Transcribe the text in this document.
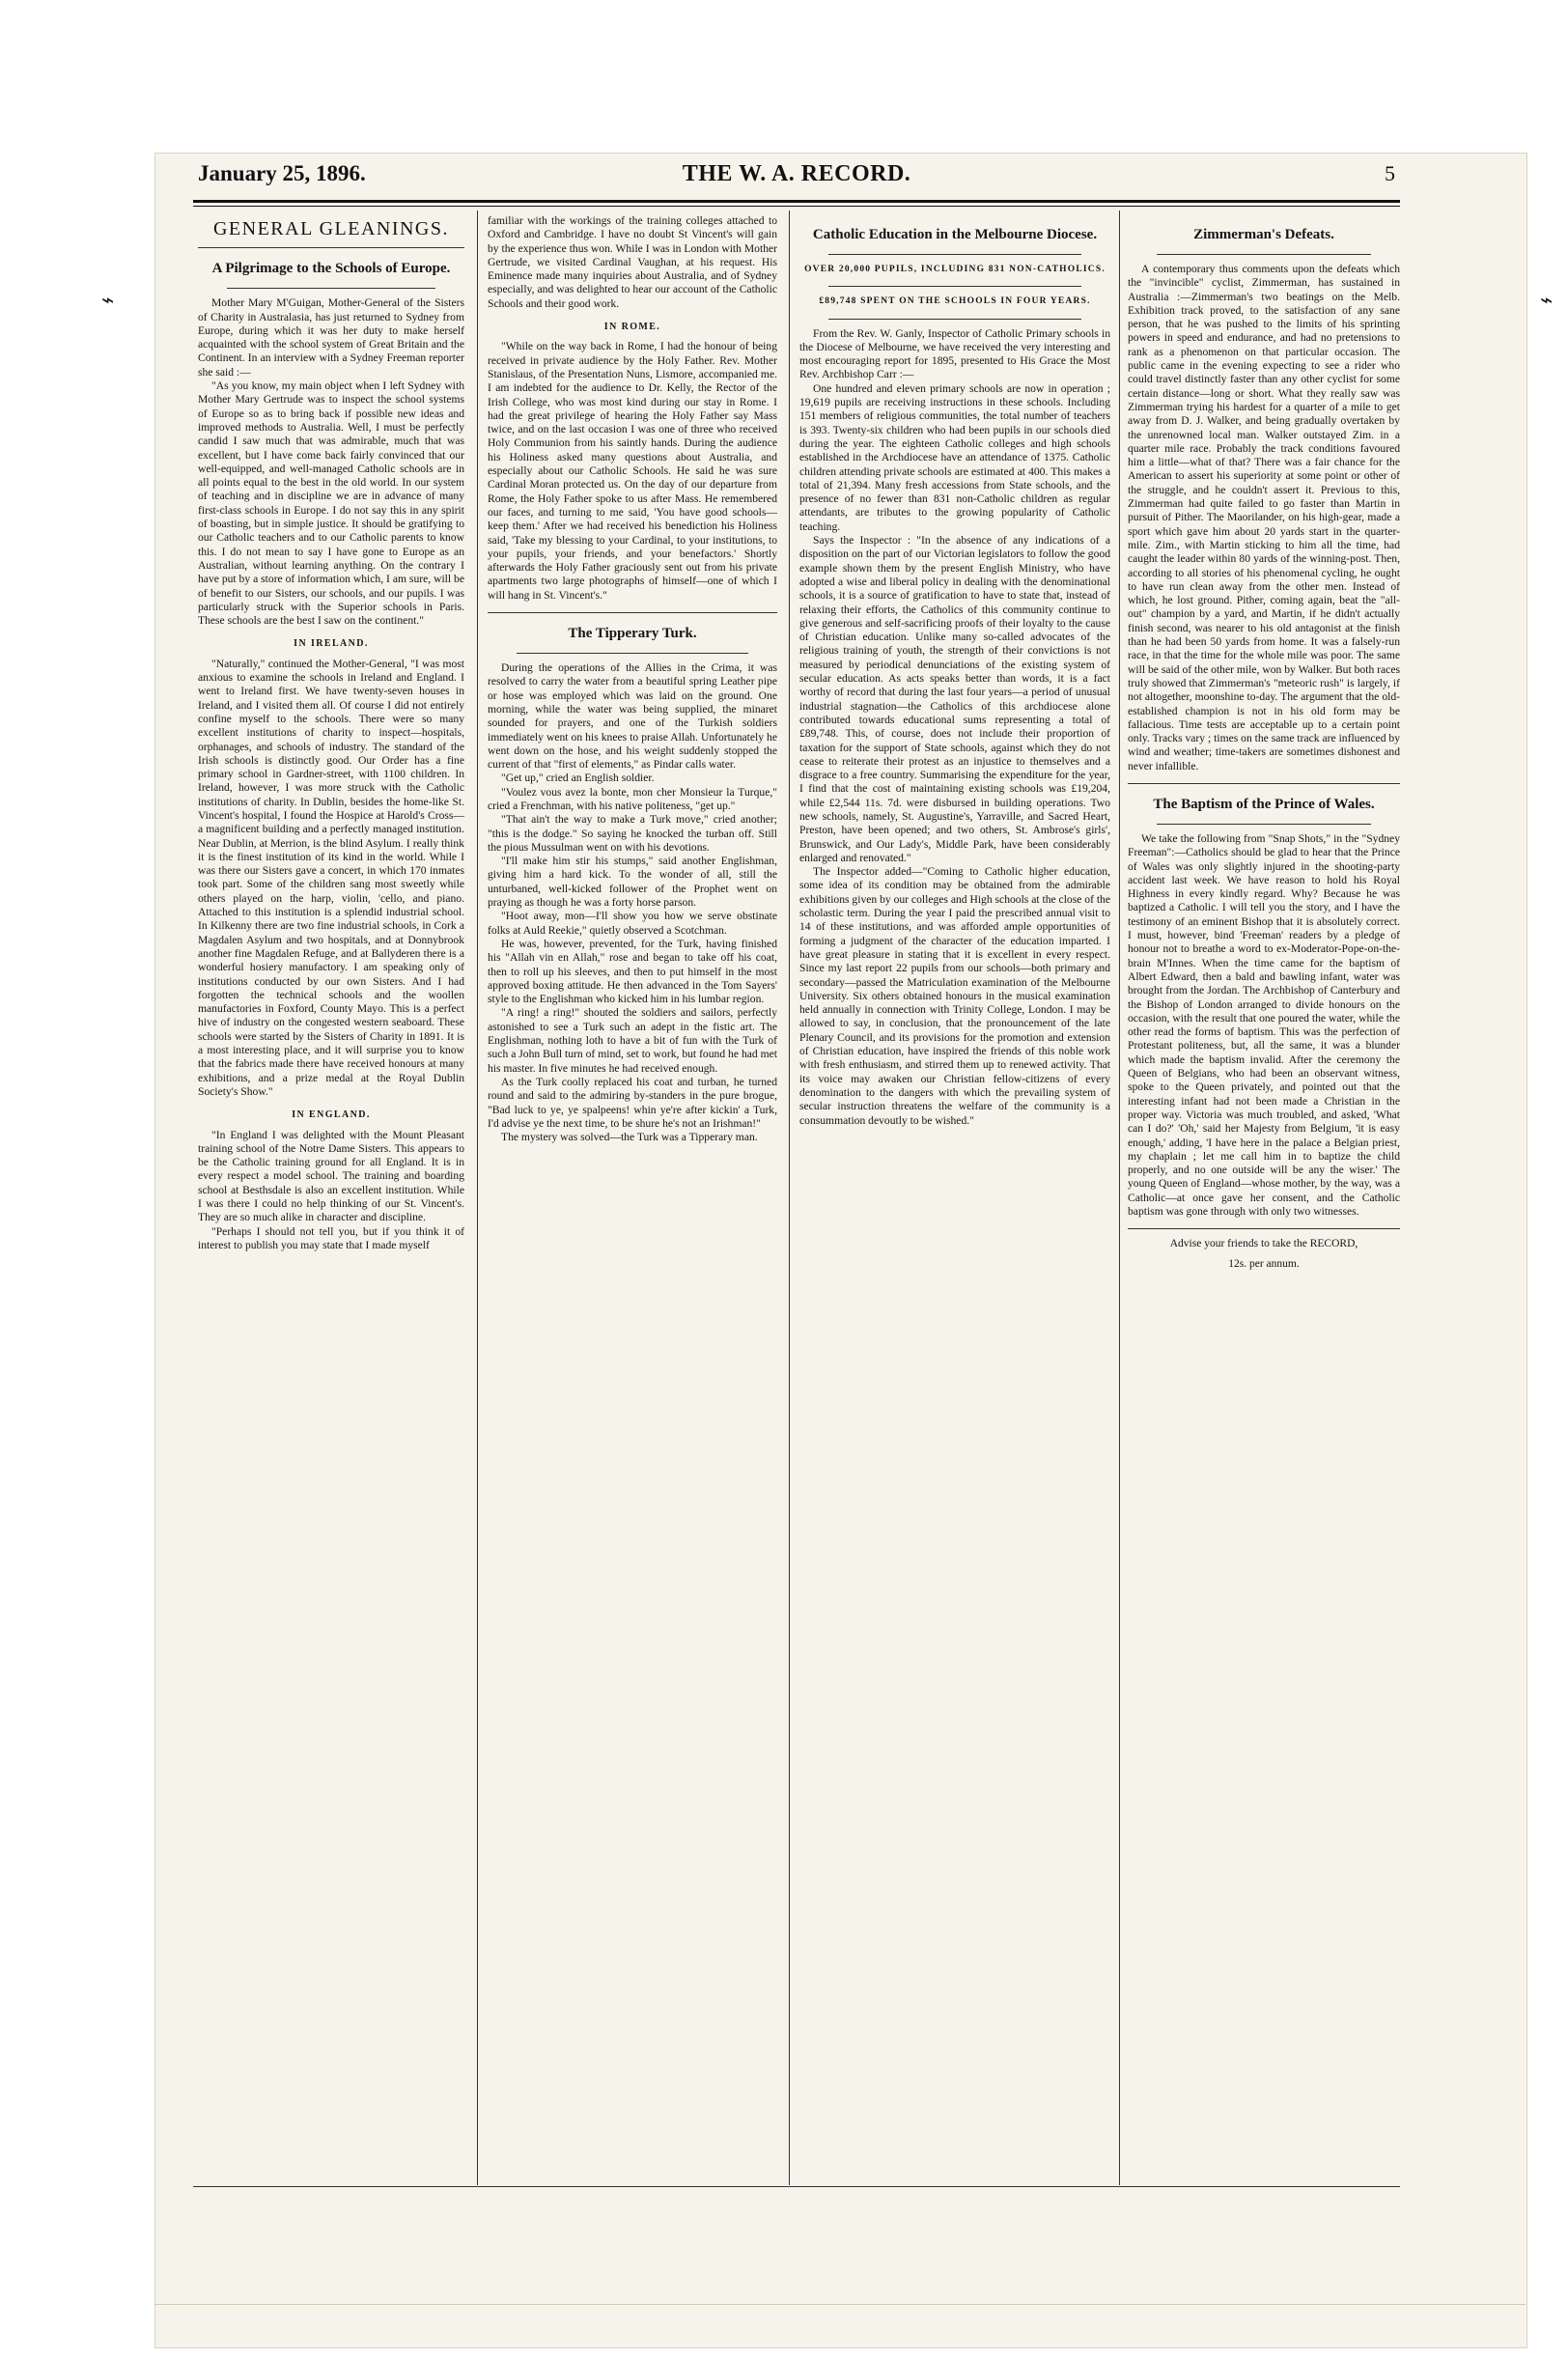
⌁	⌁
January 25, 1896.	THE W. A. RECORD.	5
GENERAL GLEANINGS.
A Pilgrimage to the Schools of Europe.

Mother Mary M'Guigan, Mother-General of the Sisters of Charity in Australasia, has just returned to Sydney from Europe, during which it was her duty to make herself acquainted with the school system of Great Britain and the Continent. In an interview with a Sydney Freeman reporter she said :—

"As you know, my main object when I left Sydney with Mother Mary Gertrude was to inspect the school systems of Europe so as to bring back if possible new ideas and improved methods to Australia. Well, I must be perfectly candid I saw much that was admirable, much that was excellent, but I have come back fairly convinced that our well-equipped, and well-managed Catholic schools are in all points equal to the best in the old world. In our system of teaching and in discipline we are in advance of many first-class schools in Europe. I do not say this in any spirit of boasting, but in simple justice. It should be gratifying to our Catholic teachers and to our Catholic parents to know this. I do not mean to say I have gone to Europe as an Australian, without learning anything. On the contrary I have put by a store of information which, I am sure, will be of benefit to our Sisters, our schools, and our pupils. I was particularly struck with the Superior schools in Paris. These schools are the best I saw on the continent."

IN IRELAND.

"Naturally," continued the Mother-General, "I was most anxious to examine the schools in Ireland and England. I went to Ireland first. We have twenty-seven houses in Ireland, and I visited them all. Of course I did not entirely confine myself to the schools. There were so many excellent institutions of charity to inspect—hospitals, orphanages, and schools of industry. The standard of the Irish schools is distinctly good. Our Order has a fine primary school in Gardner-street, with 1100 children. In Ireland, however, I was more struck with the Catholic institutions of charity. In Dublin, besides the home-like St. Vincent's hospital, I found the Hospice at Harold's Cross—a magnificent building and a perfectly managed institution. Near Dublin, at Merrion, is the blind Asylum. I really think it is the finest institution of its kind in the world. While I was there our Sisters gave a concert, in which 170 inmates took part. Some of the children sang most sweetly while others played on the harp, violin, 'cello, and piano. Attached to this institution is a splendid industrial school. In Kilkenny there are two fine industrial schools, in Cork a Magdalen Asylum and two hospitals, and at Donnybrook another fine Magdalen Refuge, and at Ballyderen there is a wonderful hosiery manufactory. I am speaking only of institutions conducted by our own Sisters. And I had forgotten the technical schools and the woollen manufactories in Foxford, County Mayo. This is a perfect hive of industry on the congested western seaboard. These schools were started by the Sisters of Charity in 1891. It is a most interesting place, and it will surprise you to know that the fabrics made there have received honours at many exhibitions, and a prize medal at the Royal Dublin Society's Show."

IN ENGLAND.

"In England I was delighted with the Mount Pleasant training school of the Notre Dame Sisters. This appears to be the Catholic training ground for all England. It is in every respect a model school. The training and boarding school at Besthsdale is also an excellent institution. While I was there I could no help thinking of our St. Vincent's. They are so much alike in character and discipline.

"Perhaps I should not tell you, but if you think it of interest to publish you may state that I made myself

familiar with the workings of the training colleges attached to Oxford and Cambridge. I have no doubt St Vincent's will gain by the experience thus won. While I was in London with Mother Gertrude, we visited Cardinal Vaughan, at his request. His Eminence made many inquiries about Australia, and of Sydney especially, and was delighted to hear our account of the Catholic Schools and their good work.

IN ROME.

"While on the way back in Rome, I had the honour of being received in private audience by the Holy Father. Rev. Mother Stanislaus, of the Presentation Nuns, Lismore, accompanied me. I am indebted for the audience to Dr. Kelly, the Rector of the Irish College, who was most kind during our stay in Rome. I had the great privilege of hearing the Holy Father say Mass twice, and on the last occasion I was one of three who received Holy Communion from his saintly hands. During the audience his Holiness asked many questions about Australia, and especially about our Catholic Schools. He said he was sure Cardinal Moran protected us. On the day of our departure from Rome, the Holy Father spoke to us after Mass. He remembered our faces, and turning to me said, 'You have good schools—keep them.' After we had received his benediction his Holiness said, 'Take my blessing to your Cardinal, to your institutions, to your pupils, your friends, and your benefactors.' Shortly afterwards the Holy Father graciously sent out from his private apartments two large photographs of himself—one of which I will hang in St. Vincent's."

The Tipperary Turk.

During the operations of the Allies in the Crima, it was resolved to carry the water from a beautiful spring Leather pipe or hose was employed which was laid on the ground. One morning, while the water was being supplied, the minaret sounded for prayers, and one of the Turkish soldiers immediately went on his knees to praise Allah. Unfortunately he went down on the hose, and his weight suddenly stopped the current of that "first of elements," as Pindar calls water.

"Get up," cried an English soldier.

"Voulez vous avez la bonte, mon cher Monsieur la Turque," cried a Frenchman, with his native politeness, "get up."

"That ain't the way to make a Turk move," cried another; "this is the dodge." So saying he knocked the turban off. Still the pious Mussulman went on with his devotions.

"I'll make him stir his stumps," said another Englishman, giving him a hard kick. To the wonder of all, still the unturbaned, well-kicked follower of the Prophet went on praying as though he was a forty horse parson.

"Hoot away, mon—I'll show you how we serve obstinate folks at Auld Reekie," quietly observed a Scotchman.

He was, however, prevented, for the Turk, having finished his "Allah vin en Allah," rose and began to take off his coat, then to roll up his sleeves, and then to put himself in the most approved boxing attitude. He then advanced in the Tom Sayers' style to the Englishman who kicked him in his lumbar region.

"A ring! a ring!" shouted the soldiers and sailors, perfectly astonished to see a Turk such an adept in the fistic art. The Englishman, nothing loth to have a bit of fun with the Turk of such a John Bull turn of mind, set to work, but found he had met his master. In five minutes he had received enough.

As the Turk coolly replaced his coat and turban, he turned round and said to the admiring by-standers in the pure brogue, "Bad luck to ye, ye spalpeens! whin ye're after kickin' a Turk, I'd advise ye the next time, to be shure he's not an Irishman!"

The mystery was solved—the Turk was a Tipperary man.

Catholic Education in the Melbourne Diocese.

OVER 20,000 PUPILS, INCLUDING 831 NON-CATHOLICS.

£89,748 SPENT ON THE SCHOOLS IN FOUR YEARS.

From the Rev. W. Ganly, Inspector of Catholic Primary schools in the Diocese of Melbourne, we have received the very interesting and most encouraging report for 1895, presented to His Grace the Most Rev. Archbishop Carr :—

One hundred and eleven primary schools are now in operation ; 19,619 pupils are receiving instructions in these schools. Including 151 members of religious communities, the total number of teachers is 393. Twenty-six children who had been pupils in our schools died during the year. The eighteen Catholic colleges and high schools established in the Archdiocese have an attendance of 1375. Catholic children attending private schools are estimated at 400. This makes a total of 21,394. Many fresh accessions from State schools, and the presence of no fewer than 831 non-Catholic children as regular attendants, are tributes to the growing popularity of Catholic teaching.

Says the Inspector : "In the absence of any indications of a disposition on the part of our Victorian legislators to follow the good example shown them by the present English Ministry, who have adopted a wise and liberal policy in dealing with the denominational schools, it is a source of gratification to have to state that, instead of relaxing their efforts, the Catholics of this community continue to give generous and self-sacrificing proofs of their loyalty to the cause of Christian education. Unlike many so-called advocates of the religious training of youth, the strength of their convictions is not measured by periodical denunciations of the existing system of secular education. As acts speaks better than words, it is a fact worthy of record that during the last four years—a period of unusual industrial stagnation—the Catholics of this archdiocese alone contributed towards educational sums representing a total of £89,748. This, of course, does not include their proportion of taxation for the support of State schools, against which they do not cease to reiterate their protest as an injustice to themselves and a disgrace to a free country. Summarising the expenditure for the year, I find that the cost of maintaining existing schools was £19,204, while £2,544 11s. 7d. were disbursed in building operations. Two new schools, namely, St. Augustine's, Yarraville, and Sacred Heart, Preston, have been opened; and two others, St. Ambrose's girls', Brunswick, and Our Lady's, Middle Park, have been considerably enlarged and renovated."

The Inspector added—"Coming to Catholic higher education, some idea of its condition may be obtained from the admirable exhibitions given by our colleges and High schools at the close of the scholastic term. During the year I paid the prescribed annual visit to 14 of these institutions, and was afforded ample opportunities of forming a judgment of the character of the education imparted. I have great pleasure in stating that it is excellent in every respect. Since my last report 22 pupils from our schools—both primary and secondary—passed the Matriculation examination of the Melbourne University. Six others obtained honours in the musical examination held annually in connection with Trinity College, London. I may be allowed to say, in conclusion, that the pronouncement of the late Plenary Council, and its provisions for the promotion and extension of Christian education, have inspired the friends of this noble work with fresh enthusiasm, and stirred them up to renewed activity. That its voice may awaken our Christian fellow-citizens of every denomination to the dangers with which the prevailing system of secular instruction threatens the welfare of the community is a consummation devoutly to be wished."

Zimmerman's Defeats.

A contemporary thus comments upon the defeats which the "invincible" cyclist, Zimmerman, has sustained in Australia :—Zimmerman's two beatings on the Melb. Exhibition track proved, to the satisfaction of any sane person, that he was pushed to the limits of his sprinting powers in speed and endurance, and had no pretensions to rank as a phenomenon on that particular occasion. The public came in the evening expecting to see a rider who could travel distinctly faster than any other cyclist for some certain distance—long or short. What they really saw was Zimmerman trying his hardest for a quarter of a mile to get away from D. J. Walker, and being gradually overtaken by the unrenowned local man. Walker outstayed Zim. in a quarter mile race. Probably the track conditions favoured him a little—what of that? There was a fair chance for the American to assert his superiority at some point or other of the struggle, and he couldn't assert it. Previous to this, Zimmerman had quite failed to go faster than Martin in pursuit of Pither. The Maorilander, on his high-gear, made a sport which gave him about 20 yards start in the quarter-mile. Zim., with Martin sticking to him all the time, had caught the leader within 80 yards of the winning-post. Then, according to all stories of his phenomenal cycling, he ought to have run clean away from the other men. Instead of which, he lost ground. Pither, coming again, beat the "all-out" champion by a yard, and Martin, if he didn't actually finish second, was nearer to his old antagonist at the finish than he had been 50 yards from home. It was a falsely-run race, in that the time for the whole mile was poor. The same will be said of the other mile, won by Walker. But both races truly showed that Zimmerman's "meteoric rush" is largely, if not altogether, moonshine to-day. The argument that the old-established champion is not in his old form may be fallacious. Time tests are acceptable up to a certain point only. Tracks vary ; times on the same track are influenced by wind and weather; time-takers are sometimes dishonest and never infallible.

The Baptism of the Prince of Wales.

We take the following from "Snap Shots," in the "Sydney Freeman":—Catholics should be glad to hear that the Prince of Wales was only slightly injured in the shooting-party accident last week. We have reason to hold his Royal Highness in every kindly regard. Why? Because he was baptized a Catholic. I will tell you the story, and I have the testimony of an eminent Bishop that it is absolutely correct. I must, however, bind 'Freeman' readers by a pledge of honour not to breathe a word to ex-Moderator-Pope-on-the-brain M'Innes. When the time came for the baptism of Albert Edward, then a bald and bawling infant, water was brought from the Jordan. The Archbishop of Canterbury and the Bishop of London arranged to divide honours on the occasion, with the result that one poured the water, while the other read the forms of baptism. This was the perfection of Protestant politeness, but, all the same, it was a blunder which made the baptism invalid. After the ceremony the Queen of Belgians, who had been an observant witness, spoke to the Queen privately, and pointed out that the interesting infant had not been made a Christian in the proper way. Victoria was much troubled, and asked, 'What can I do?' 'Oh,' said her Majesty from Belgium, 'it is easy enough,' adding, 'I have here in the palace a Belgian priest, my chaplain ; let me call him in to baptize the child properly, and no one outside will be any the wiser.' The young Queen of England—whose mother, by the way, was a Catholic—at once gave her consent, and the Catholic baptism was gone through with only two witnesses.

Advise your friends to take the RECORD,

12s. per annum.
